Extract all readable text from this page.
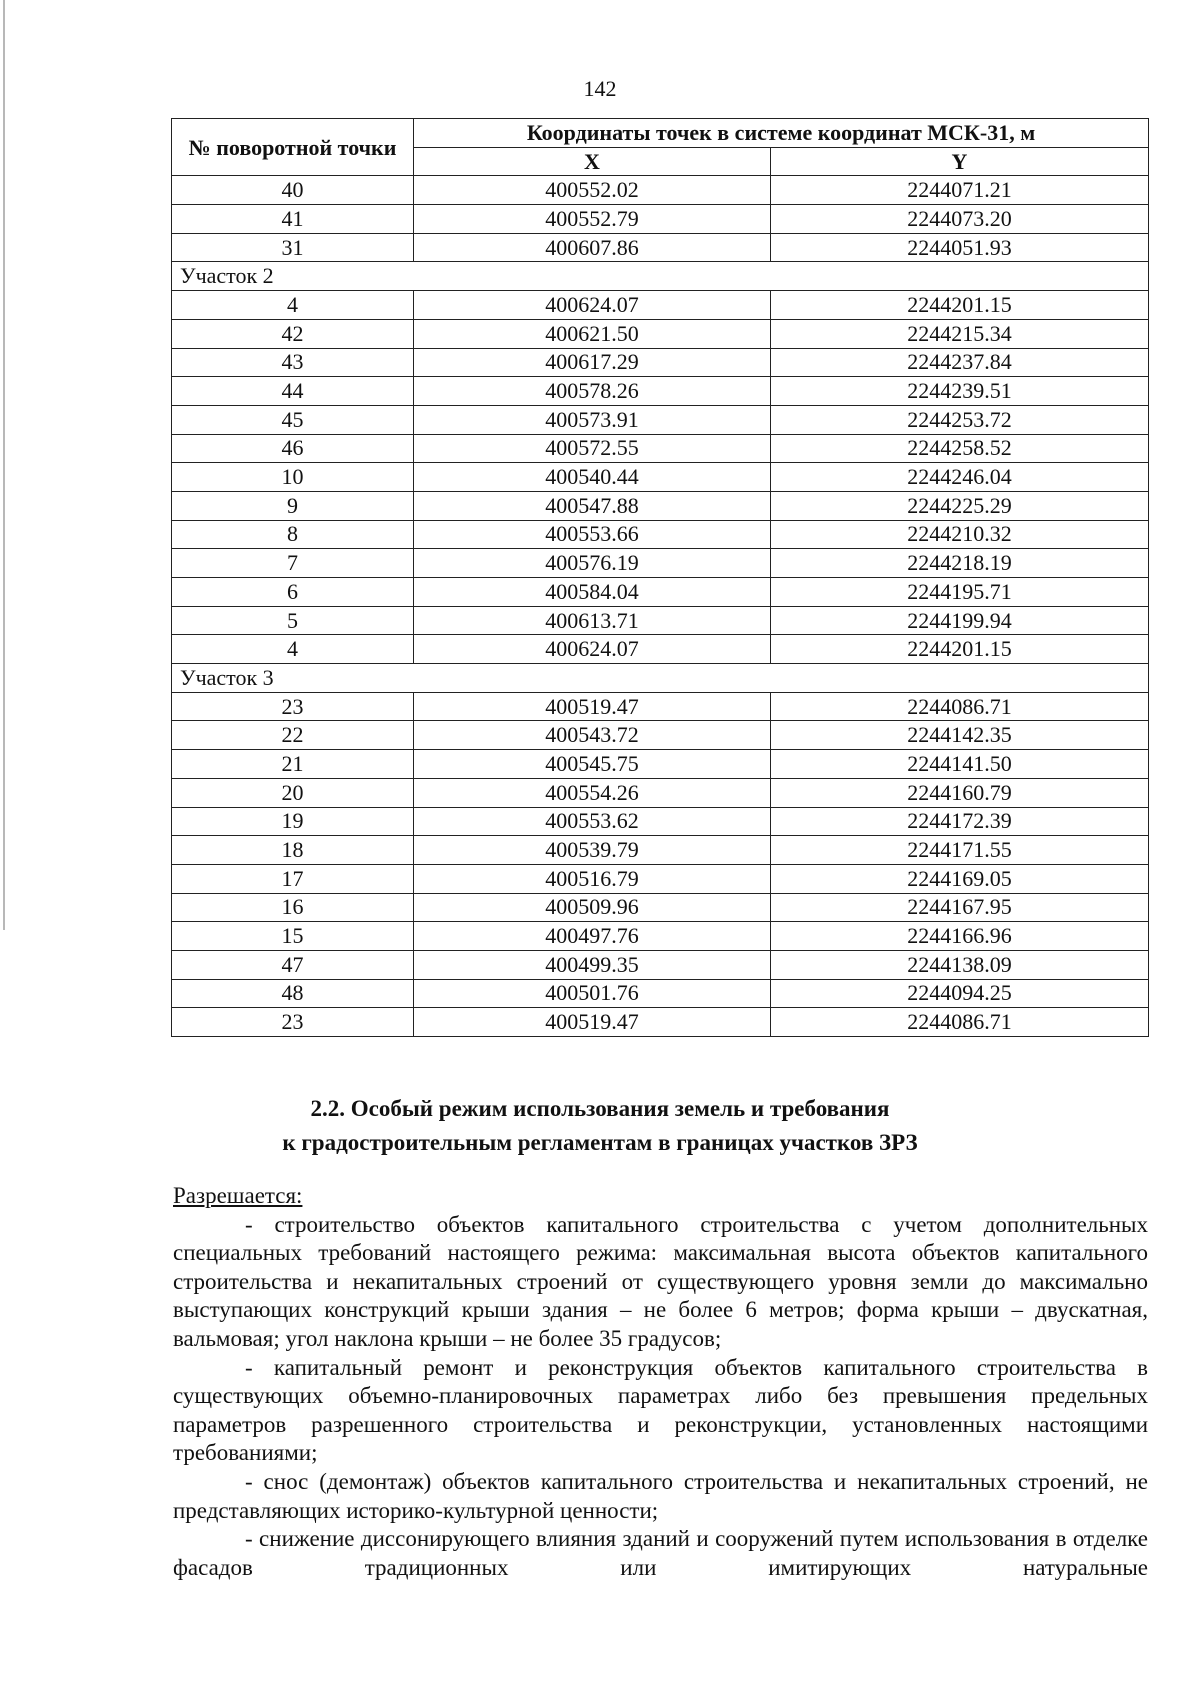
142
№ поворотной точки	Координаты точек в системе координат МСК-31, м	
	X	Y
40	400552.02	2244071.21
41	400552.79	2244073.20
31	400607.86	2244051.93
Участок 2		
4	400624.07	2244201.15
42	400621.50	2244215.34
43	400617.29	2244237.84
44	400578.26	2244239.51
45	400573.91	2244253.72
46	400572.55	2244258.52
10	400540.44	2244246.04
9	400547.88	2244225.29
8	400553.66	2244210.32
7	400576.19	2244218.19
6	400584.04	2244195.71
5	400613.71	2244199.94
4	400624.07	2244201.15
Участок 3		
23	400519.47	2244086.71
22	400543.72	2244142.35
21	400545.75	2244141.50
20	400554.26	2244160.79
19	400553.62	2244172.39
18	400539.79	2244171.55
17	400516.79	2244169.05
16	400509.96	2244167.95
15	400497.76	2244166.96
47	400499.35	2244138.09
48	400501.76	2244094.25
23	400519.47	2244086.71
2.2. Особый режим использования земель и требования
к градостроительным регламентам в границах участков ЗРЗ

Разрешается:

- строительство объектов капитального строительства с учетом дополнительных специальных требований настоящего режима: максимальная высота объектов капитального строительства и некапитальных строений от существующего уровня земли до максимально выступающих конструкций крыши здания – не более 6 метров; форма крыши – двускатная, вальмовая; угол наклона крыши – не более 35 градусов;

- капитальный ремонт и реконструкция объектов капитального строительства в существующих объемно-планировочных параметрах либо без превышения предельных параметров разрешенного строительства и реконструкции, установленных настоящими требованиями;

- снос (демонтаж) объектов капитального строительства и некапитальных строений, не представляющих историко-культурной ценности;

- снижение диссонирующего влияния зданий и сооружений путем использования в отделке фасадов традиционных или имитирующих натуральные
